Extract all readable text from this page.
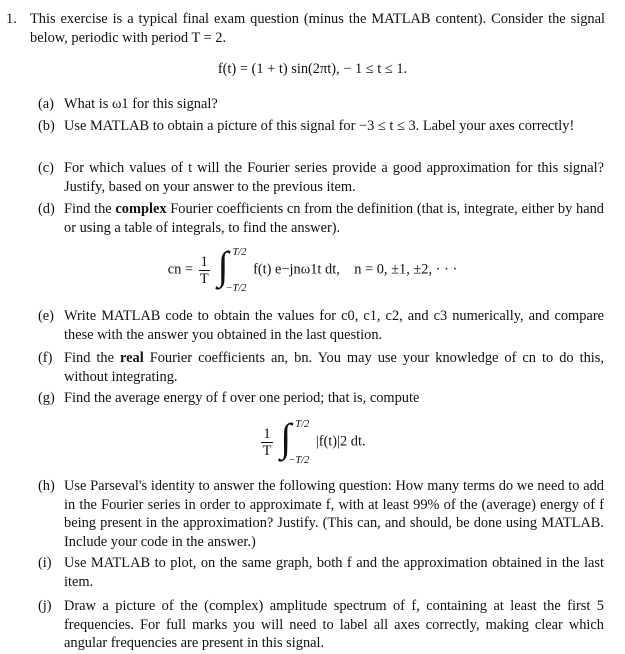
1. This exercise is a typical final exam question (minus the MATLAB content). Consider the signal below, periodic with period T = 2.
f(t) = (1 + t) sin(2πt), − 1 ≤ t ≤ 1.
(a) What is ω1 for this signal?
(b) Use MATLAB to obtain a picture of this signal for −3 ≤ t ≤ 3. Label your axes correctly!
(c) For which values of t will the Fourier series provide a good approximation for this signal? Justify, based on your answer to the previous item.
(d) Find the complex Fourier coefficients cn from the definition (that is, integrate, either by hand or using a table of integrals, to find the answer).
cn = $\frac{1}{T}$
∫ T/2
−T/2
f(t) e−jnω1t dt, n = 0, ±1, ±2, · · ·
(e) Write MATLAB code to obtain the values for c0, c1, c2, and c3 numerically, and compare these with the answer you obtained in the last question.
(f) Find the real Fourier coefficients an, bn. You may use your knowledge of cn to do this, without integrating.
(g) Find the average energy of f over one period; that is, compute
$\frac{1}{T}$
∫ T/2
−T/2
|f(t)|2 dt.
(h) Use Parseval's identity to answer the following question: How many terms do we need to add in the Fourier series in order to approximate f, with at least 99% of the (average) energy of f being present in the approximation? Justify. (This can, and should, be done using MATLAB. Include your code in the answer.)
(i) Use MATLAB to plot, on the same graph, both f and the approximation obtained in the last item.
(j) Draw a picture of the (complex) amplitude spectrum of f, containing at least the first 5 frequencies. For full marks you will need to label all axes correctly, making clear which angular frequencies are present in this signal.
